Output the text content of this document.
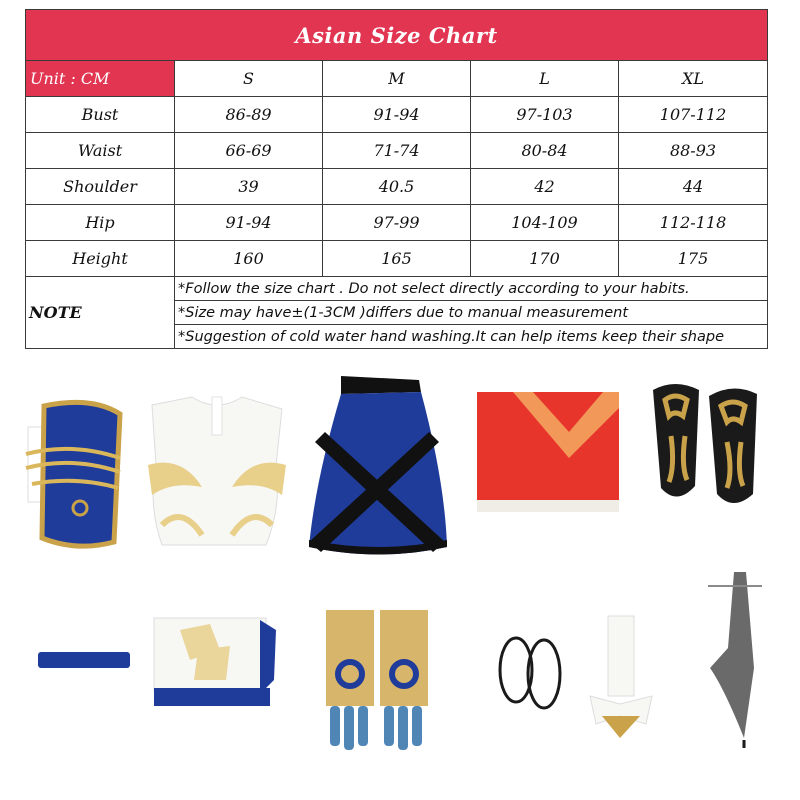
Asian Size Chart				
Unit : CM	S	M	L	XL
Bust	86-89	91-94	97-103	107-112
Waist	66-69	71-74	80-84	88-93
Shoulder	39	40.5	42	44
Hip	91-94	97-99	104-109	112-118
Height	160	165	170	175
NOTE	*Follow the size chart . Do not select directly according to your habits.			
	*Size may have±(1-3CM )differs due to manual measurement			
	*Suggestion of cold water hand washing.It can help items keep their shape			
